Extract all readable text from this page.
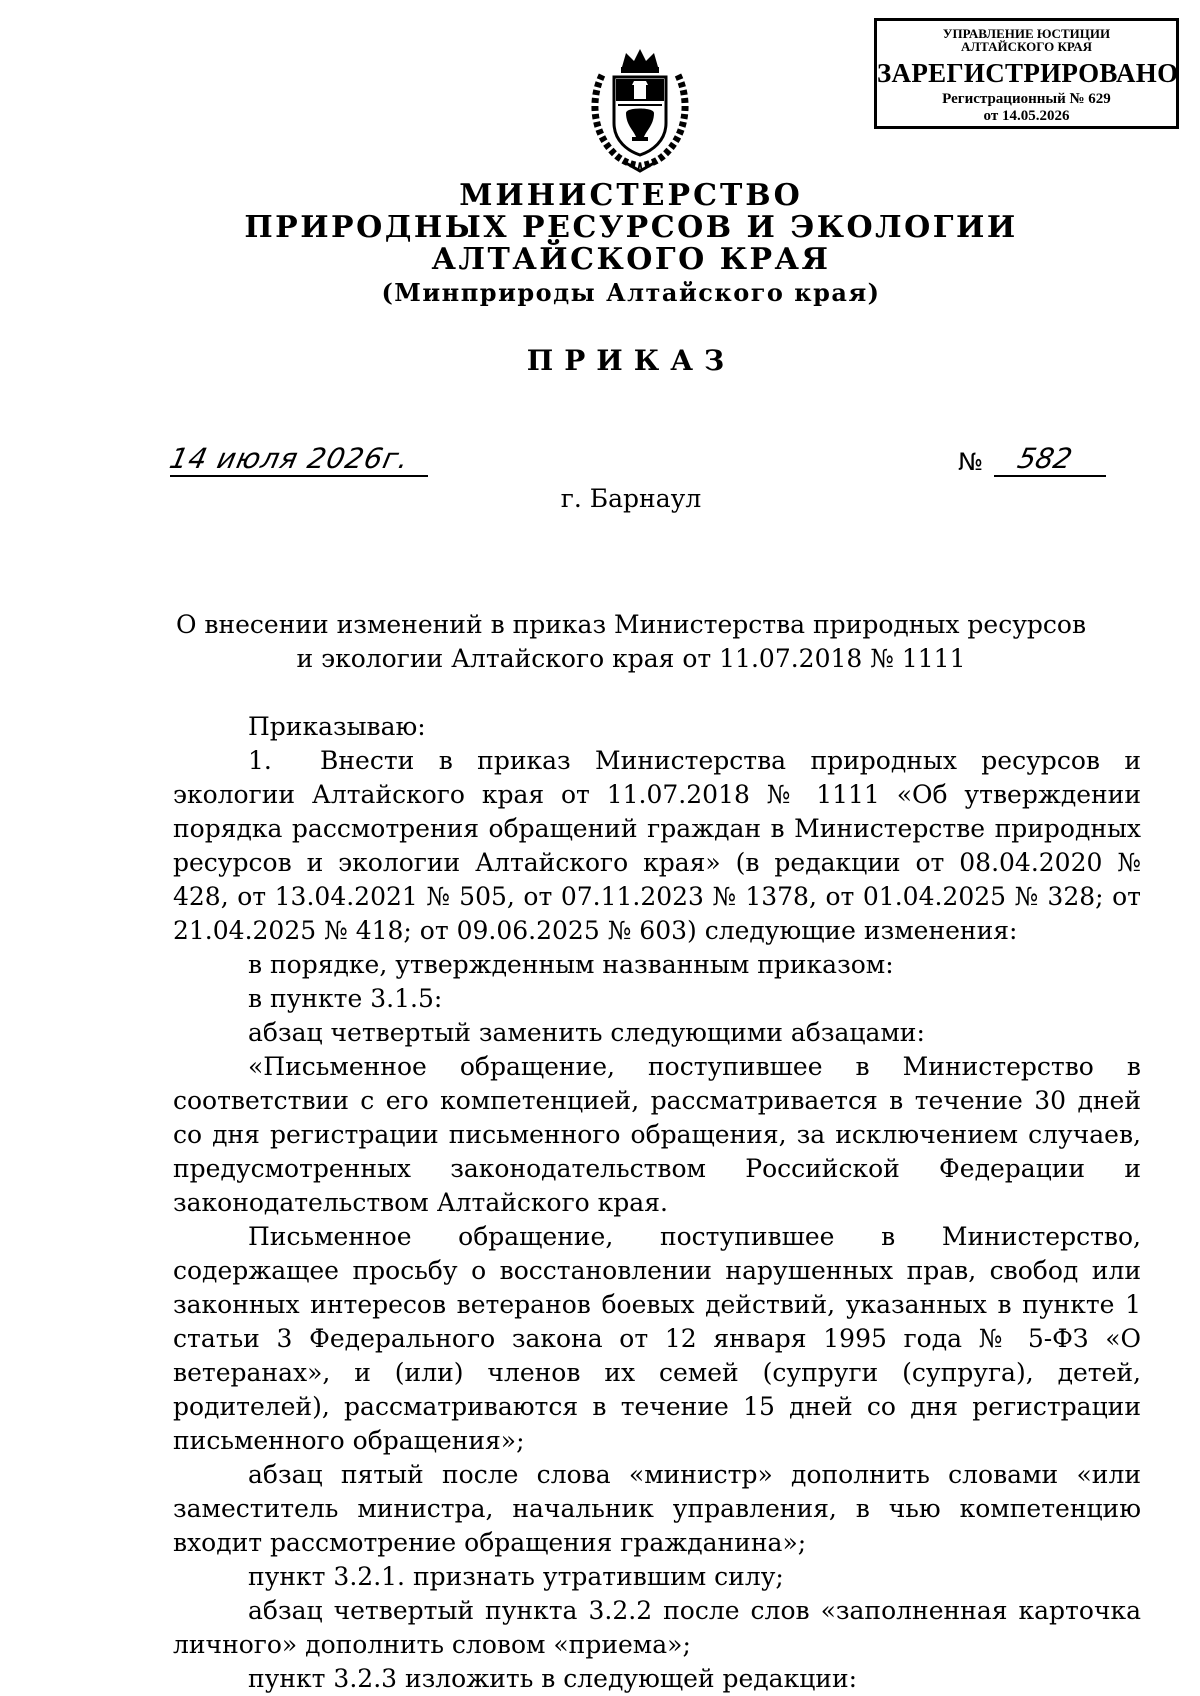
УПРАВЛЕНИЕ ЮСТИЦИИ
АЛТАЙСКОГО КРАЯ
ЗАРЕГИСТРИРОВАНО
Регистрационный № 629
от 14.05.2026
МИНИСТЕРСТВО
ПРИРОДНЫХ РЕСУРСОВ И ЭКОЛОГИИ
АЛТАЙСКОГО КРАЯ
(Минприроды Алтайского края)
ПРИКАЗ
14 июля 2026г.	№ 582
г. Барнаул
О внесении изменений в приказ Министерства природных ресурсов
и экологии Алтайского края от 11.07.2018 № 1111

Приказываю:

1. Внести в приказ Министерства природных ресурсов и экологии Алтайского края от 11.07.2018 № 1111 «Об утверждении порядка рассмотрения обращений граждан в Министерстве природных ресурсов и экологии Алтайского края» (в редакции от 08.04.2020 № 428, от 13.04.2021 № 505, от 07.11.2023 № 1378, от 01.04.2025 № 328; от 21.04.2025 № 418; от 09.06.2025 № 603) следующие изменения:

в порядке, утвержденным названным приказом:

в пункте 3.1.5:

абзац четвертый заменить следующими абзацами:

«Письменное обращение, поступившее в Министерство в соответствии с его компетенцией, рассматривается в течение 30 дней со дня регистрации письменного обращения, за исключением случаев, предусмотренных законодательством Российской Федерации и законодательством Алтайского края.

Письменное обращение, поступившее в Министерство, содержащее просьбу о восстановлении нарушенных прав, свобод или законных интересов ветеранов боевых действий, указанных в пункте 1 статьи 3 Федерального закона от 12 января 1995 года № 5-ФЗ «О ветеранах», и (или) членов их семей (супруги (супруга), детей, родителей), рассматриваются в течение 15 дней со дня регистрации письменного обращения»;

абзац пятый после слова «министр» дополнить словами «или заместитель министра, начальник управления, в чью компетенцию входит рассмотрение обращения гражданина»;

пункт 3.2.1. признать утратившим силу;

абзац четвертый пункта 3.2.2 после слов «заполненная карточка личного» дополнить словом «приема»;

пункт 3.2.3 изложить в следующей редакции:
